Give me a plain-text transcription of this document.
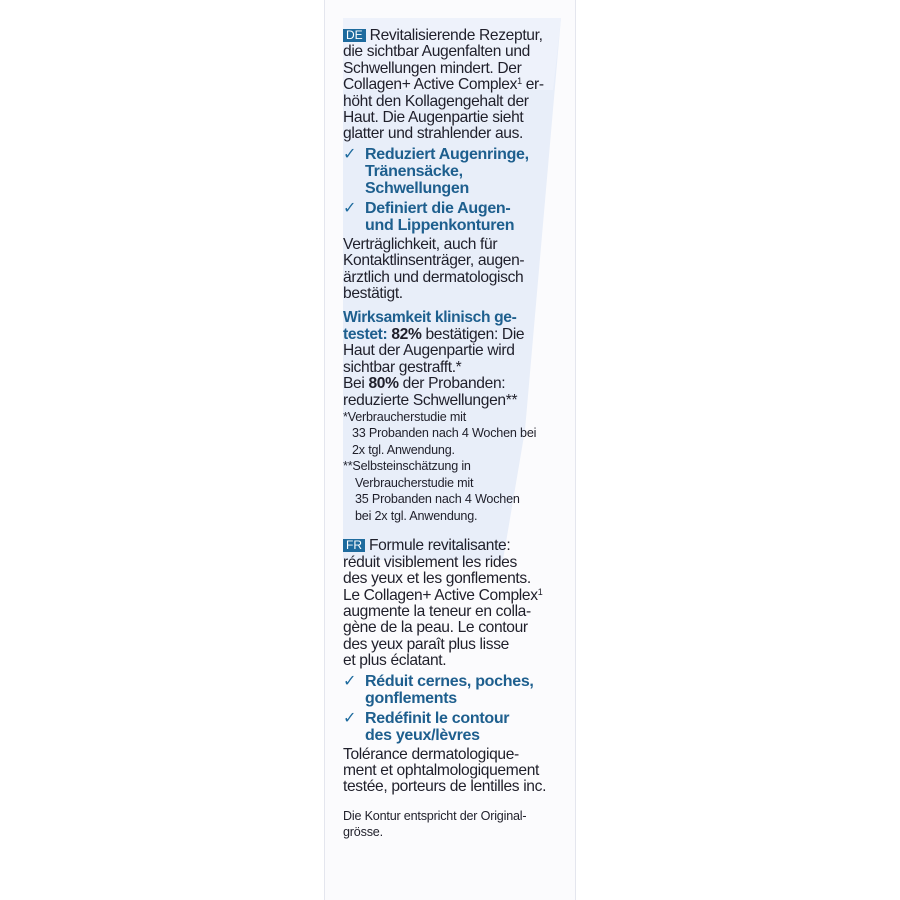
DE Revitalisierende Rezeptur,
die sichtbar Augenfalten und
Schwellungen mindert. Der
Collagen+ Active Complex$^1$ er-
höht den Kollagengehalt der
Haut. Die Augenpartie sieht
glatter und strahlender aus.
✓ Reduziert Augenringe,
Tränensäcke,
Schwellungen
✓ Definiert die Augen-
und Lippenkonturen
Verträglichkeit, auch für
Kontaktlinsenträger, augen-
ärztlich und dermatologisch
bestätigt.
Wirksamkeit klinisch ge-
testet: 82% bestätigen: Die
Haut der Augenpartie wird
sichtbar gestrafft.*
Bei 80% der Probanden:
reduzierte Schwellungen**
*Verbraucherstudie mit
33 Probanden nach 4 Wochen bei
2x tgl. Anwendung.
**Selbsteinschätzung in
Verbraucherstudie mit
35 Probanden nach 4 Wochen
bei 2x tgl. Anwendung.
FR Formule revitalisante:
réduit visiblement les rides
des yeux et les gonflements.
Le Collagen+ Active Complex$^1$
augmente la teneur en colla-
gène de la peau. Le contour
des yeux paraît plus lisse
et plus éclatant.
✓ Réduit cernes, poches,
gonflements
✓ Redéfinit le contour
des yeux/lèvres
Tolérance dermatologique-
ment et ophtalmologiquement
testée, porteurs de lentilles inc.
Die Kontur entspricht der Original-
grösse.
